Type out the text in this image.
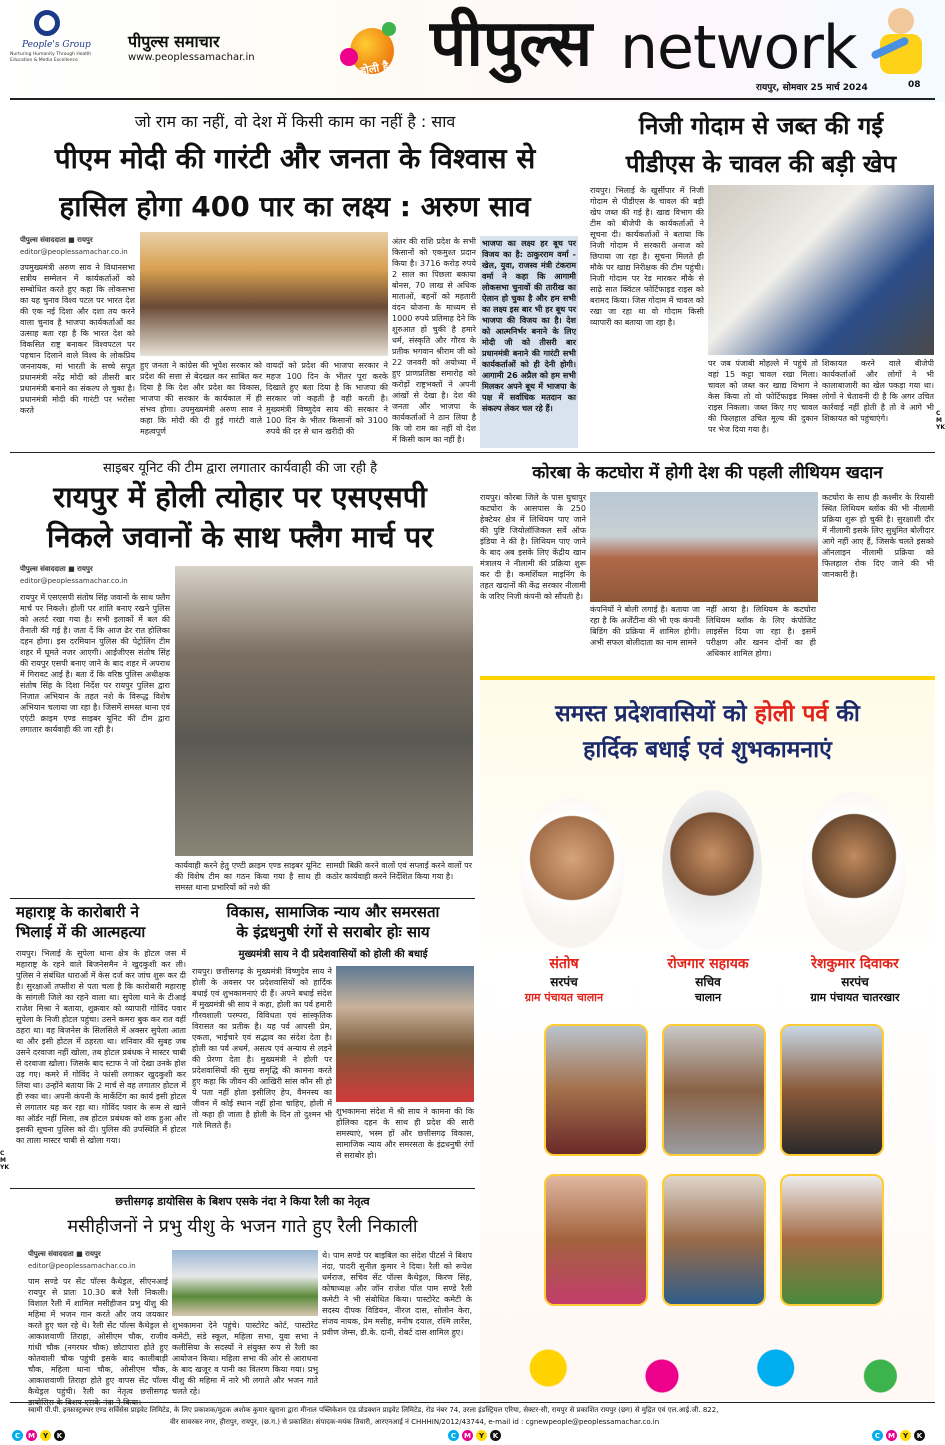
People's Group
Nurturing Humanity Through Health
Education & Media Excellence
पीपुल्स समाचार
www.peoplessamachar.in
होली है... पीपुल्स network
रायपुर, सोमवार 25 मार्च 2024	08
जो राम का नहीं, वो देश में किसी काम का नहीं है : साव
पीएम मोदी की गारंटी और जनता के विश्वास से
हासिल होगा 400 पार का लक्ष्य : अरुण साव
पीपुल्स संवाददाता ■ रायपुर
editor@peoplessamachar.co.in
उपमुख्यमंत्री अरुण साव ने विधानसभा सत्रीय सम्मेलन में कार्यकर्ताओं को सम्बोधित करते हुए कहा कि लोकसभा का यह चुनाव विश्व पटल पर भारत देश की एक नई दिशा और दशा तय करने वाला चुनाव है भाजपा कार्यकर्ताओं का उत्साह बता रहा है कि भारत देश को विकसित राष्ट्र बनाकर विश्वपटल पर पहचान दिलाने वाले विश्व के लोकप्रिय जननायक, मां भारती के सच्चे सपूत प्रधानमंत्री नरेंद्र मोदी को तीसरी बार प्रधानमंत्री बनाने का संकल्प ले चुका है। प्रधानमंत्री मोदी की गारंटी पर भरोसा करते
हुए जनता ने कांग्रेस की भूपेश सरकार को प्रदेश की सत्ता से बेदखल कर साबित कर दिया है कि देश और प्रदेश का विकास, भाजपा की सरकार के कार्यकाल में ही संभव होगा। उपमुख्यमंत्री अरुण साव ने कहा कि मोदी की दी हुई गारंटी वाले महत्वपूर्ण
वायदों को प्रदेश की भाजपा सरकार ने महज 100 दिन के भीतर पूरा करके दिखाते हुए बता दिया है कि भाजपा की सरकार जो कहती है वही करती है। मुख्यमंत्री विष्णुदेव साय की सरकार ने 100 दिन के भीतर किसानों को 3100 रुपये की दर से धान खरीदी की
अंतर की राशि प्रदेश के सभी किसानों को एकमुश्त प्रदान किया है। 3716 करोड़ रुपये 2 साल का पिछला बकाया बोनस, 70 लाख से अधिक माताओं, बहनों को महतारी वंदन योजना के माध्यम से 1000 रुपये प्रतिमाह देने कि शुरुआत हो चुकी है हमारे धर्म, संस्कृति और गौरव के प्रतीक भगवान श्रीराम जी को 22 जनवरी को अयोध्या में हुए प्राणप्रतिष्ठा समारोह को करोड़ों राष्ट्रभक्तों ने अपनी आंखों से देखा है। देश की जनता और भाजपा के कार्यकर्ताओं ने ठान लिया है कि जो राम का नहीं वो देश में किसी काम का नहीं है।
भाजपा का लक्ष्य हर बूथ पर विजय का है: ठाकुरराम वर्मा - खेल, युवा, राजस्व मंत्री टंकराम वर्मा ने कहा कि आगामी लोकसभा चुनावों की तारीख का ऐलान हो चुका है और हम सभी का लक्ष्य इस बार भी हर बूथ पर भाजपा की विजय का है। देश को आत्मनिर्भर बनाने के लिए मोदी जी को तीसरी बार प्रधानमंत्री बनाने की गारंटी सभी कार्यकर्ताओं को ही देनी होगी। आगामी 26 अप्रैल को हम सभी मिलकर अपने बूथ में भाजपा के पक्ष में सर्वाधिक मतदान का संकल्प लेकर चल रहे हैं।
निजी गोदाम से जब्त की गई
पीडीएस के चावल की बड़ी खेप
रायपुर। भिलाई के खुर्सीपार में निजी गोदाम से पीडीएस के चावल की बड़ी खेप जब्त की गई है। खाद्य विभाग की टीम को बीजेपी के कार्यकर्ताओं ने सूचना दी। कार्यकर्ताओं ने बताया कि निजी गोदाम में सरकारी अनाज को छिपाया जा रहा है। सूचना मिलते ही मौके पर खाद्य निरीक्षक की टीम पहुंची। निजी गोदाम पर रेड मारकर मौके से साढ़े सात क्विंटल फोर्टिफाइड राइस को बरामद किया। जिस गोदाम में चावल को रखा जा रहा था वो गोदाम किसी व्यापारी का बताया जा रहा है।
पर जब पंजाबी मोहल्ले में पहुंचे तो वहां 15 कट्टा चावल रखा मिला। चावल को जब्त कर खाद्य विभाग ने केस किया तो वो फोर्टिफाइड मिक्स राइस निकला। जब्त किए गए चावल की फिलहाल उचित मूल्य की दुकान पर भेज दिया गया है।
शिकायत करने वाले बीजेपी कार्यकर्ताओं और लोगों ने भी कालाबाजारी का खेल पकड़ा गया था। लोगों ने चेतावनी दी है कि अगर उचित कार्रवाई नहीं होती है तो वे आगे भी शिकायत को पहुंचाएंगे।
साइबर यूनिट की टीम द्वारा लगातार कार्यवाही की जा रही है
रायपुर में होली त्योहार पर एसएसपी
निकले जवानों के साथ फ्लैग मार्च पर
पीपुल्स संवाददाता ■ रायपुर
editor@peoplessamachar.co.in
रायपुर में एसएसपी संतोष सिंह जवानों के साथ फ्लैग मार्च पर निकले। होली पर शांति बनाए रखने पुलिस को अलर्ट रखा गया है। सभी इलाकों में बल की तैनाती की गई है। जता दें कि आज ढेर रात होलिका दहन होगा। इस दरमियान पुलिस की पेट्रोलिंग टीम शहर में घूमते नजर आएगी। आईजीएस संतोष सिंह की रायपुर एसपी बनाए जाने के बाद शहर में अपराध में गिरावट आई है। बता दें कि वरिष्ठ पुलिस अधीक्षक संतोष सिंह के दिशा निर्देश पर रायपुर पुलिस द्वारा निजात अभियान के तहत नशे के विरूद्ध विशेष अभियान चलाया जा रहा है। जिसमें समस्त थाना एवं एएंटी क्राइम एण्ड साइबर यूनिट की टीम द्वारा लगातार कार्यवाही की जा रही है।
कार्यवाही करने हेतु एण्टी क्राइम एण्ड साइबर यूनिट की विशेष टीम का गठन किया गया है साथ ही समस्त थाना प्रभारियों को नशे की
सामग्री बिक्री करने वालों एवं सप्लाई करने वालों पर कठोर कार्यवाही करने निर्देशित किया गया है।
कोरबा के कटघोरा में होगी देश की पहली लीथियम खदान
रायपुर। कोरबा जिले के पास घुचापुर कटघोरा के आसपास के 250 हेक्टेयर क्षेत्र में लिथियम पाए जाने की पुष्टि जियोलॉजिकल सर्वे ऑफ इंडिया ने की है। लिथियम पाए जाने के बाद अब इसके लिए केंद्रीय खान मंत्रालय ने नीलामी की प्रक्रिया शुरू कर दी है। कमर्शियल माइनिंग के तहत खदानों की केंद्र सरकार नीलामी के जरिए निजी कंपनी को सौंपती है।
कंपनियों ने बोली लगाई है। बताया जा रहा है कि अर्जेंटीना की भी एक कंपनी बिडिंग की प्रक्रिया में शामिल होगी। अभी सफल बोलीदाता का नाम सामने
नहीं आया है। लिथियम के कटघोरा लिथियम ब्लॉक के लिए कंपोजिट लाइसेंस दिया जा रहा है। इसमें परीक्षण और खनन दोनों का ही अधिकार शामिल होगा।
कटघोरा के साथ ही कश्मीर के रियासी स्थित लिथियम ब्लॉक की भी नीलामी प्रक्रिया शुरू हो चुकी है। सुरक्षाशी दौर में नीलामी इसके लिए सुधुमित बोलीदार आगे नहीं आए हैं, जिसके चलते इसको ऑनलाइन नीलामी प्रक्रिया को फिलहाल रोक दिए जाने की भी जानकारी है।
समस्त प्रदेशवासियों को होली पर्व की
हार्दिक बधाई एवं शुभकामनाएं
संतोष
सरपंच
ग्राम पंचायत चालान
रोजगार सहायक
सचिव
चालान
रेशकुमार दिवाकर
सरपंच
ग्राम पंचायत चातरखार
महाराष्ट्र के कारोबारी ने
भिलाई में की आत्महत्या
रायपुर। भिलाई के सुपेला थाना क्षेत्र के होटल जस में महाराष्ट्र के रहने वाले बिजनेसमैन ने खुदकुशी कर ली। पुलिस ने संबंधित धाराओं में केस दर्ज कर जांच शुरू कर दी है। सुरक्षाओं तफ्तीश से पता चला है कि कारोबारी महाराष्ट्र के सांगली जिले का रहने वाला था। सुपेला थाने के टीआई राजेश मिश्रा ने बताया, शुक्रवार को व्यापारी गोविंद पवार सुपेला के निजी होटल पहुंचा। उसने कमरा बुक कर रात वहीं ठहरा था। वह बिजनेस के सिलसिले में अक्सर सुपेला आता था और इसी होटल में ठहरता था। शनिवार की सुबह जब उसने दरवाजा नहीं खोला, तब होटल प्रबंधक ने मास्टर चाबी से दरवाजा खोला। जिसके बाद स्टाफ ने जो देखा उनके होश उड़ गए। कमरे में गोविंद ने फांसी लगाकर खुदकुशी कर लिया था। उन्होंने बताया कि 2 मार्च से वह लगातार होटल में ही रुका था। अपनी कंपनी के मार्केटिंग का कार्य इसी होटल से लगातार यह कर रहा था। गोविंद पवार के रूम से खाने का ऑर्डर नहीं मिला, तब होटल प्रबंधक को शक हुआ और इसकी सूचना पुलिस को दी। पुलिस की उपस्थिति में होटल का ताला मास्टर चाबी से खोला गया।
विकास, सामाजिक न्याय और समरसता
के इंद्रधनुषी रंगों से सराबोर होः साय
मुख्यमंत्री साय ने दी प्रदेशवासियों को होली की बधाई
रायपुर। छत्तीसगढ़ के मुख्यमंत्री विष्णुदेव साय ने होली के अवसर पर प्रदेशवासियों को हार्दिक बधाई एवं शुभकामनाएं दी हैं। अपने बधाई संदेश में मुख्यमंत्री श्री साय ने कहा, होली का पर्व हमारी गौरवशाली परम्परा, विविधता एवं सांस्कृतिक विरासत का प्रतीक है। यह पर्व आपसी प्रेम, एकता, भाईचारे एवं सद्भाव का संदेश देता है। होली का पर्व अधर्म, असत्य एवं अन्याय से लड़ने की प्रेरणा देता है। मुख्यमंत्री ने होली पर प्रदेशवासियों की सुख समृद्धि की कामना करते हुए कहा कि जीवन की आखिरी सांस कौन सी हो ये पता नहीं होता इसीलिए हेप, वैमनस्य का जीवन में कोई स्थान नहीं होना चाहिए, होली में तो कहा ही जाता है होली के दिन तो दुश्मन भी गले मिलते हैं।
शुभकामना संदेश में श्री साय ने कामना की कि होलिका दहन के साथ ही प्रदेश की सारी समस्याएं, भस्म हों और छत्तीसगढ़ विकास, सामाजिक न्याय और समरसता के इंद्रधनुषी रंगों से सराबोर हो।
छत्तीसगढ़ डायोसिस के बिशप एसके नंदा ने किया रैली का नेतृत्व
मसीहीजनों ने प्रभु यीशु के भजन गाते हुए रैली निकाली
पीपुल्स संवाददाता ■ रायपुर
editor@peoplessamachar.co.in
पाम सण्डे पर सेंट पॉल्स कैथेड्रल, सीएनआई रायपुर से प्रातः 10.30 बजे रैली निकली। विशाल रैली में शामिल मसीहीजन प्रभु यीशु की महिमा में भजन गान करते और जय जयकार करते हुए चल रहे थे। रैली सेंट पॉल्स कैथेड्रल से आकाशवाणी तिराहा, ओसीएम चौक, राजीव गांधी चौक (नगरघर चौक) छोटापारा होते हुए कोतवाली चौक पहुंची इसके बाद कालीबाड़ी चौक, महिला थाना चौक, ओसीएम चौक, आकाशवाणी तिराहा होते हुए वापस सेंट पॉल्स कैथेड्रल पहुंची। रैली का नेतृत्व छत्तीसगढ़
शुभकामना देने पहुंचे। पास्टोरेट कोर्ट, पास्टोरेट कमेटी, संडे स्कूल, महिला सभा, युवा सभा ने कलीसिया के सदस्यों ने संयुक्त रूप से रैली का आयोजन किया। महिला सभा की ओर से आराधना के बाद खजूर व पानी का वितरण किया गया। प्रभु यीशु की महिमा में नारे भी लगाते और भजन गाते चलते रहे।
थे। पाम सण्डे पर बाइबिल का संदेश पीटर्स ने बिशप नंदा, पादरी सुनील कुमार ने दिया। रैली को रूपेश धर्मराज, सचिव सेंट पॉल्स कैथेड्रल, किरण सिंह, कोषाध्यक्ष और जॉन राजेश पॉल पाम सण्डे रैली कमेटी ने भी संबोधित किया। पास्टोरेट कमेटी के सदस्य दीपक विडियन, नीरज दास, सोलोन केरा, संजय नायक, प्रेम मसीह, मनीष दयाल, रश्मि लारेंस, प्रवीण जेम्स, डी.के. दानी, रोबर्ट दास शामिल हुए।
स्वामी पी.पी. इन्फ्रास्ट्रक्चर एण्ड सर्विसेस प्राइवेट लिमिटेड, के लिए प्रकाशक/मुद्रक अशोक कुमार खुराना द्वारा मीनाल पब्लिकेशन एंड प्रोडक्शन प्राइवेट लिमिटेड, रोड नंबर 74, उरला इंडस्ट्रियल एरिया, सेक्टर-सी, रायपुर से प्रकाशित रायपुर (छग) से मुद्रित एवं एल.आई.जी. 822,
वीर सावरकर नगर, हीरापुर, रायपुर, (छ.ग.) से प्रकाशित। संपादक-मयंक तिवारी, आरएनआई नं CHHHIN/2012/43744, e-mail id : cgnewpeople@peoplessamachar.co.in
C	M	Y	K	C	M	Y	K	C	M	Y	K
CMYK
CMYK
